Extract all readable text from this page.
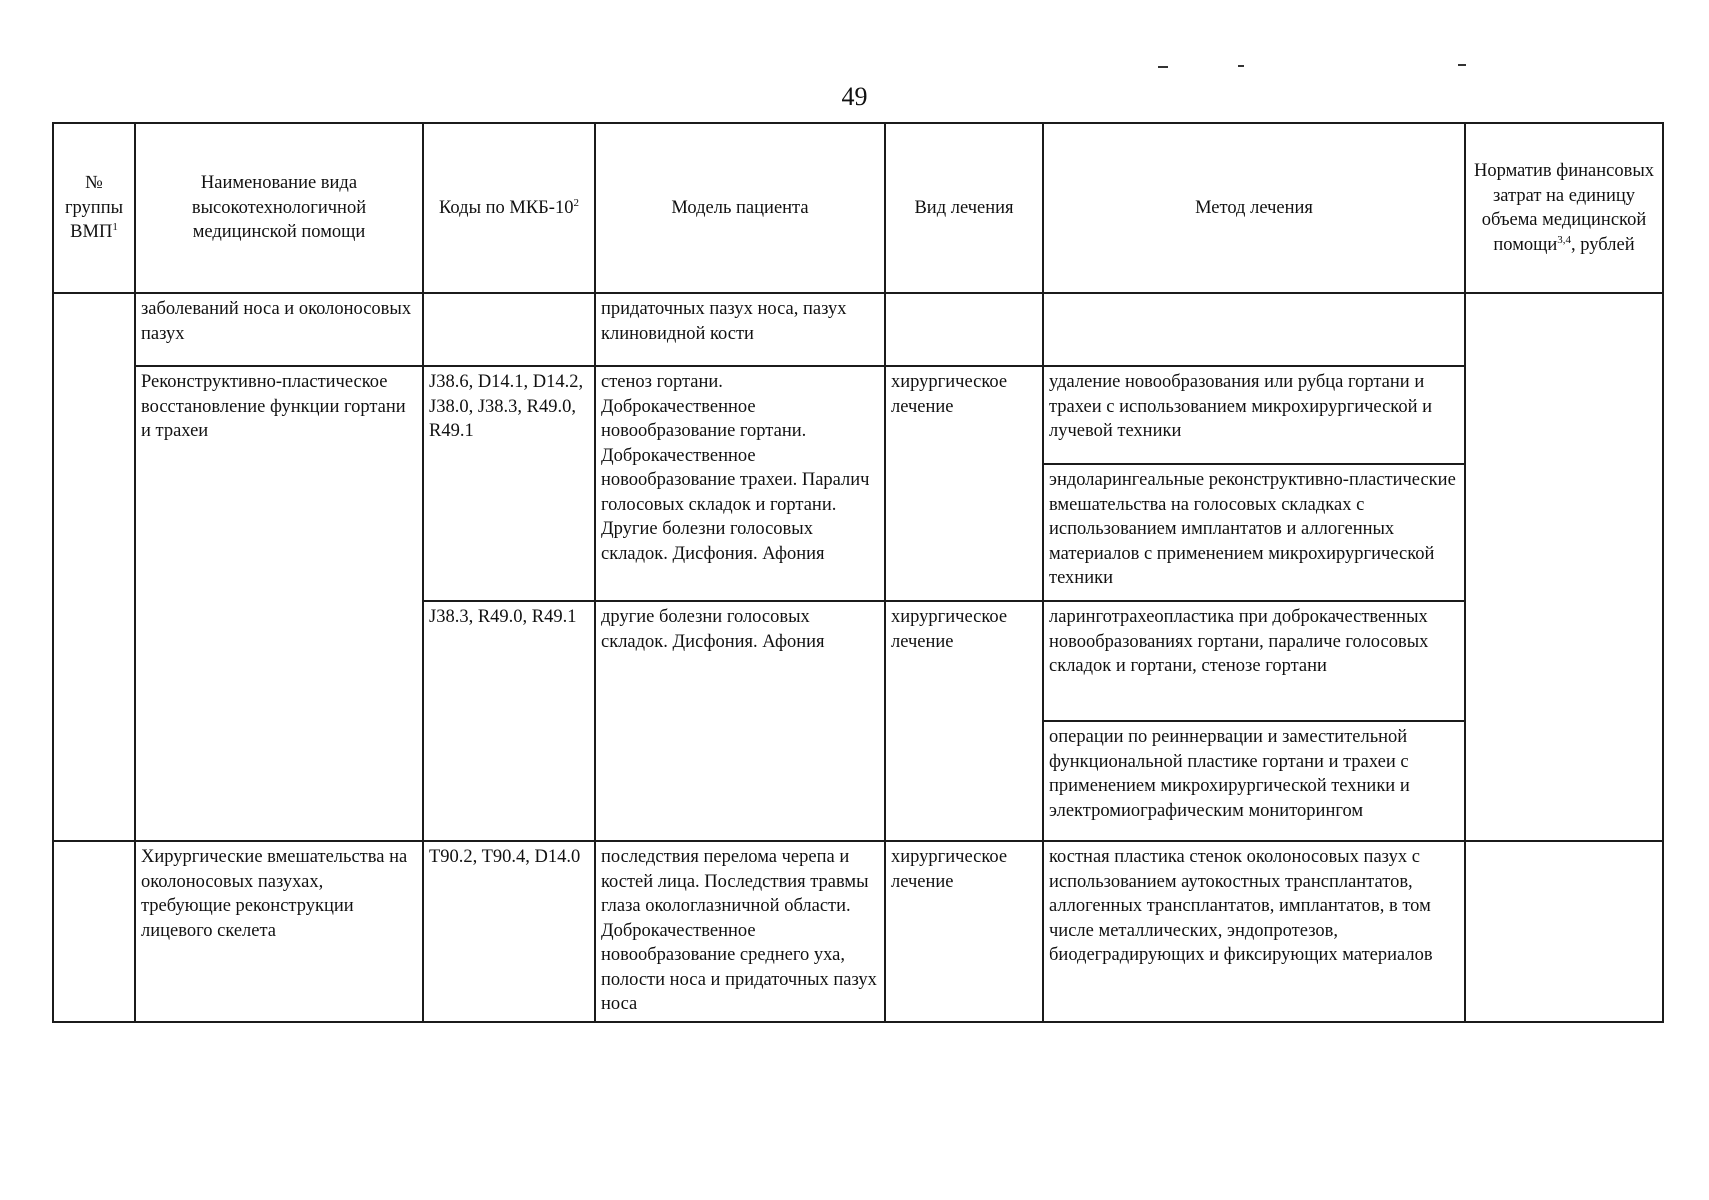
49
№ группы ВМП$^1$	Наименование вида высокотехнологичной медицинской помощи	Коды по МКБ-$10^2$	Модель пациента	Вид лечения	Метод лечения	Норматив финансовых затрат на единицу объема медицинской помощи$^{3,4}$, рублей
	заболеваний носа и околоносовых пазух		придаточных пазух носа, пазух клиновидной кости			
	Реконструктивно-пластическое восстановление функции гортани и трахеи	J38.6, D14.1, D14.2, J38.0, J38.3, R49.0, R49.1	стеноз гортани. Доброкачественное новообразование гортани. Доброкачественное новообразование трахеи. Паралич голосовых складок и гортани. Другие болезни голосовых складок. Дисфония. Афония	хирургическое лечение	удаление новообразования или рубца гортани и трахеи с использованием микрохирургической и лучевой техники	
					эндоларингеальные реконструктивно-пластические вмешательства на голосовых складках с использованием имплантатов и аллогенных материалов с применением микрохирургической техники	
		J38.3, R49.0, R49.1	другие болезни голосовых складок. Дисфония. Афония	хирургическое лечение	ларинготрахеопластика при доброкачественных новообразованиях гортани, параличе голосовых складок и гортани, стенозе гортани	
					операции по реиннервации и заместительной функциональной пластике гортани и трахеи с применением микрохирургической техники и электромиографическим мониторингом	
	Хирургические вмешательства на околоносовых пазухах, требующие реконструкции лицевого скелета	T90.2, T90.4, D14.0	последствия перелома черепа и костей лица. Последствия травмы глаза окологлазничной области. Доброкачественное новообразование среднего уха, полости носа и придаточных пазух носа	хирургическое лечение	костная пластика стенок околоносовых пазух с использованием аутокостных трансплантатов, аллогенных трансплантатов, имплантатов, в том числе металлических, эндопротезов, биодеградирующих и фиксирующих материалов	
